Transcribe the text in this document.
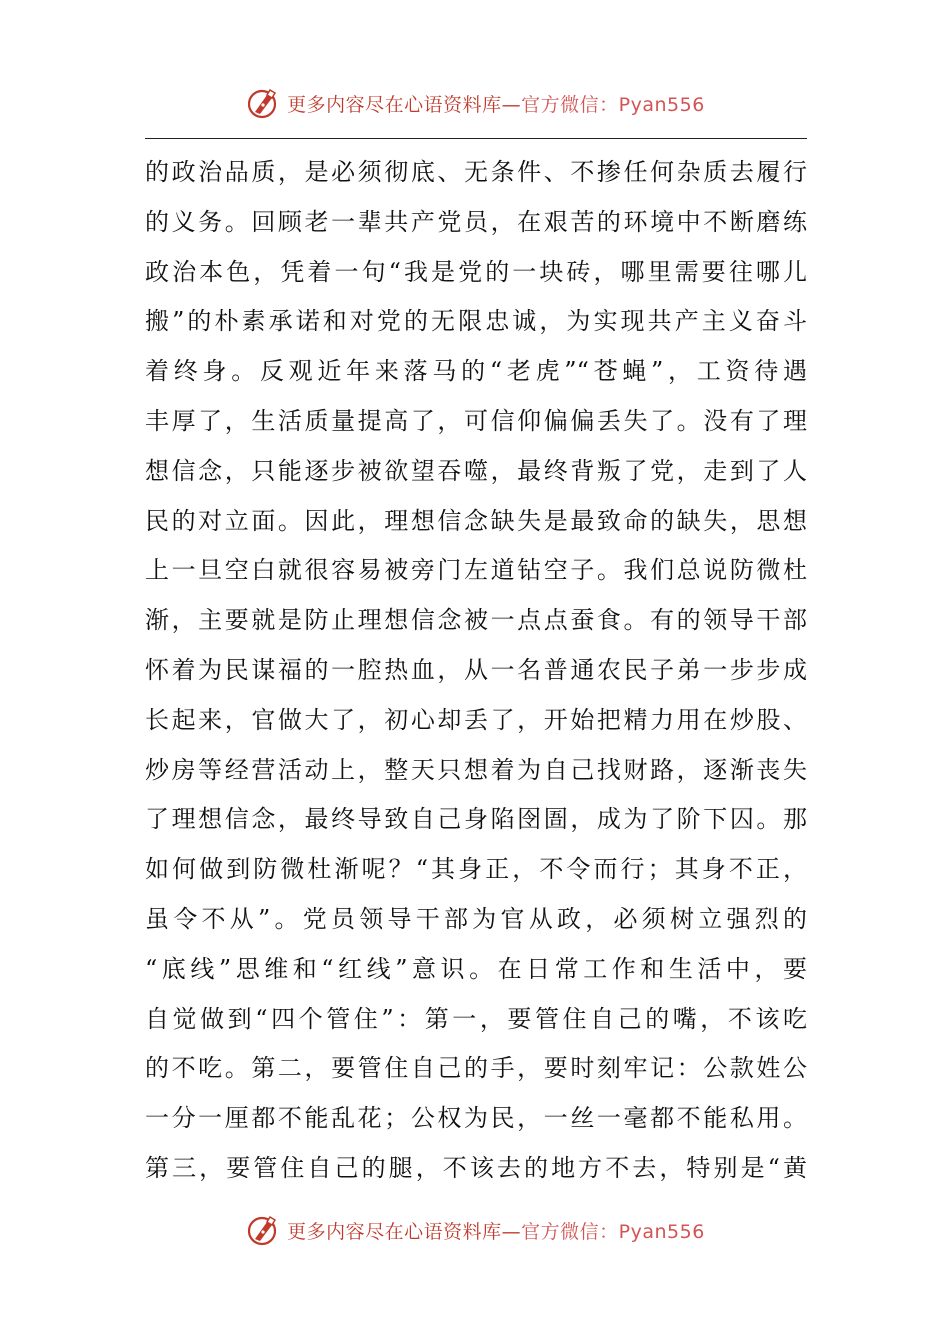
更多内容尽在心语资料库—官方微信：Pyan556
的政治品质，是必须彻底、无条件、不掺任何杂质去履行
的义务。回顾老一辈共产党员，在艰苦的环境中不断磨练
政治本色，凭着一句“我是党的一块砖，哪里需要往哪儿
搬”的朴素承诺和对党的无限忠诚，为实现共产主义奋斗
着终身。反观近年来落马的“老虎”“苍蝇”，工资待遇
丰厚了，生活质量提高了，可信仰偏偏丢失了。没有了理
想信念，只能逐步被欲望吞噬，最终背叛了党，走到了人
民的对立面。因此，理想信念缺失是最致命的缺失，思想
上一旦空白就很容易被旁门左道钻空子。我们总说防微杜
渐，主要就是防止理想信念被一点点蚕食。有的领导干部
怀着为民谋福的一腔热血，从一名普通农民子弟一步步成
长起来，官做大了，初心却丢了，开始把精力用在炒股、
炒房等经营活动上，整天只想着为自己找财路，逐渐丧失
了理想信念，最终导致自己身陷囹圄，成为了阶下囚。那
如何做到防微杜渐呢？“其身正，不令而行；其身不正，
虽令不从”。党员领导干部为官从政，必须树立强烈的
“底线”思维和“红线”意识。在日常工作和生活中，要
自觉做到“四个管住”：第一，要管住自己的嘴，不该吃
的不吃。第二，要管住自己的手，要时刻牢记：公款姓公
一分一厘都不能乱花；公权为民，一丝一毫都不能私用。
第三，要管住自己的腿，不该去的地方不去，特别是“黄
更多内容尽在心语资料库—官方微信：Pyan556
